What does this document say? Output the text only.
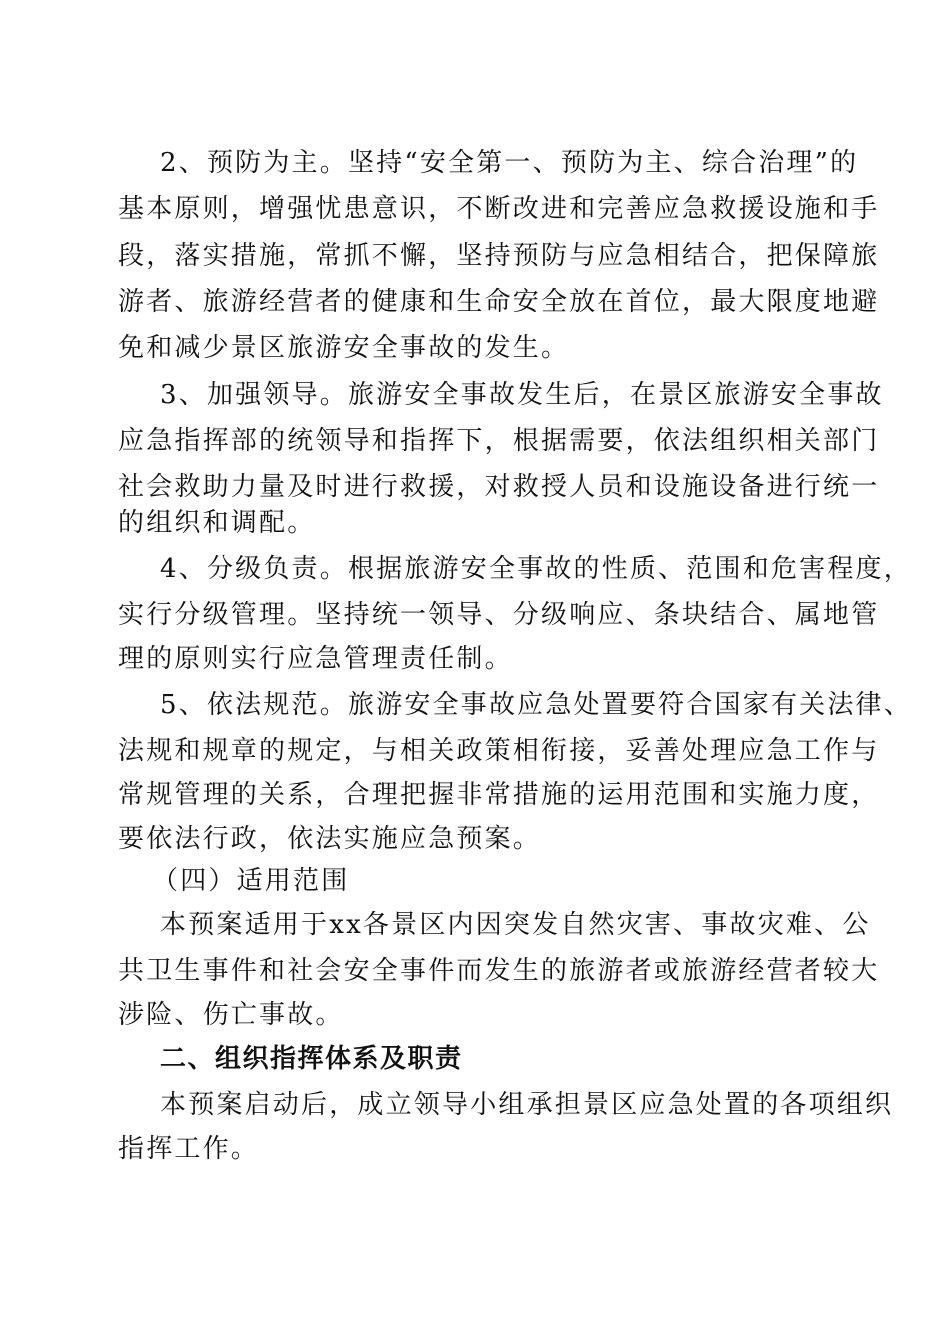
2、预防为主。坚持“安全第一、预防为主、综合治理”的
基本原则，增强忧患意识，不断改进和完善应急救援设施和手
段，落实措施，常抓不懈，坚持预防与应急相结合，把保障旅
游者、旅游经营者的健康和生命安全放在首位，最大限度地避
免和减少景区旅游安全事故的发生。
3、加强领导。旅游安全事故发生后，在景区旅游安全事故
应急指挥部的统领导和指挥下，根据需要，依法组织相关部门
社会救助力量及时进行救援，对救授人员和设施设备进行统一
的组织和调配。
4、分级负责。根据旅游安全事故的性质、范围和危害程度，
实行分级管理。坚持统一领导、分级响应、条块结合、属地管
理的原则实行应急管理责任制。
5、依法规范。旅游安全事故应急处置要符合国家有关法律、
法规和规章的规定，与相关政策相衔接，妥善处理应急工作与
常规管理的关系，合理把握非常措施的运用范围和实施力度，
要依法行政，依法实施应急预案。
（四）适用范围
本预案适用于xx各景区内因突发自然灾害、事故灾难、公
共卫生事件和社会安全事件而发生的旅游者或旅游经营者较大
涉险、伤亡事故。
二、组织指挥体系及职责
本预案启动后，成立领导小组承担景区应急处置的各项组织
指挥工作。
